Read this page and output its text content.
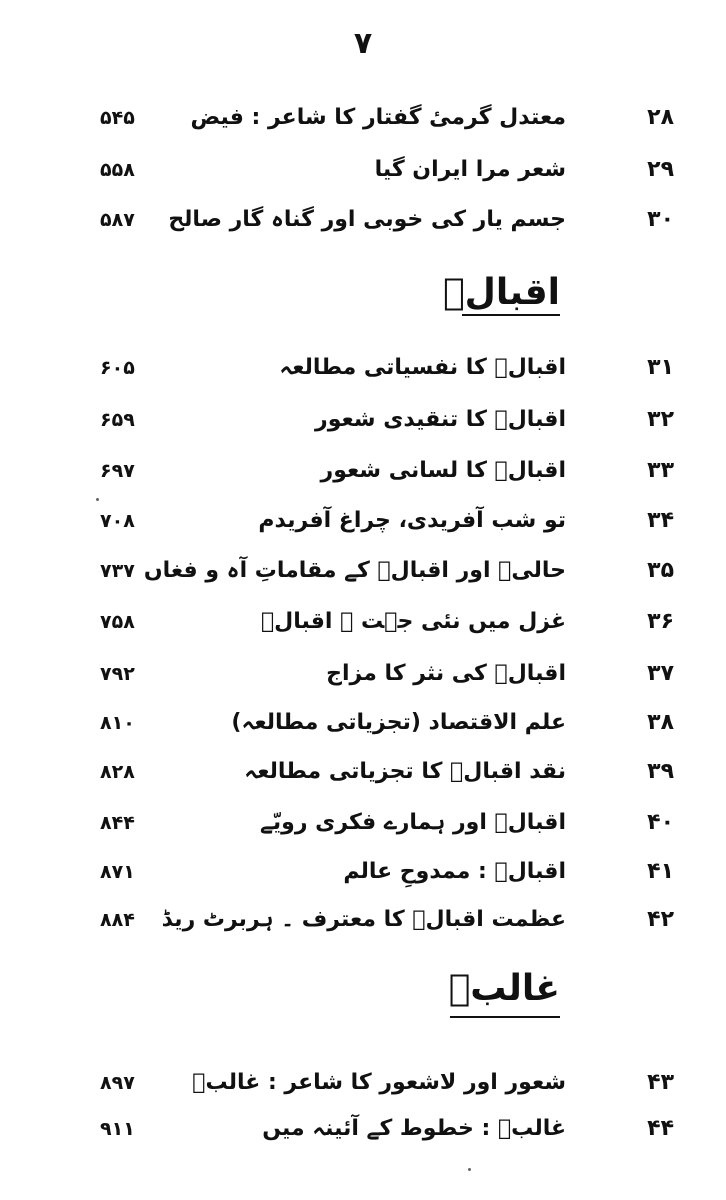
٧
۲۸
معتدل گرمیٔ گفتار کا شاعر : فیض
۵۴۵
۲۹
شعر مرا ایران گیا
۵۵۸
۳۰
جسم یار کی خوبی اور گناہ گار صالح
۵۸۷
اقبالؔ
۳۱
اقبالؔ کا نفسیاتی مطالعہ
۶۰۵
۳۲
اقبالؔ کا تنقیدی شعور
۶۵۹
۳۳
اقبالؔ کا لسانی شعور
۶۹۷
۳۴
تو شب آفریدی، چراغ آفریدم
۷۰۸
۳۵
حالیؔ اور اقبالؔ کے مقاماتِ آہ و فغاں
۷۳۷
۳۶
غزل میں نئی جہت ۔ اقبالؔ
۷۵۸
۳۷
اقبالؔ کی نثر کا مزاج
۷۹۲
۳۸
علم الاقتصاد (تجزیاتی مطالعہ)
۸۱۰
۳۹
نقد اقبالؔ کا تجزیاتی مطالعہ
۸۲۸
۴۰
اقبالؔ اور ہمارے فکری رویّے
۸۴۴
۴۱
اقبالؔ : ممدوحِ عالم
۸۷۱
۴۲
عظمت اقبالؔ کا معترف ۔ ہربرٹ ریڈ
۸۸۴
غالبؔ
۴۳
شعور اور لاشعور کا شاعر : غالبؔ
۸۹۷
۴۴
غالبؔ : خطوط کے آئینہ میں
۹۱۱
